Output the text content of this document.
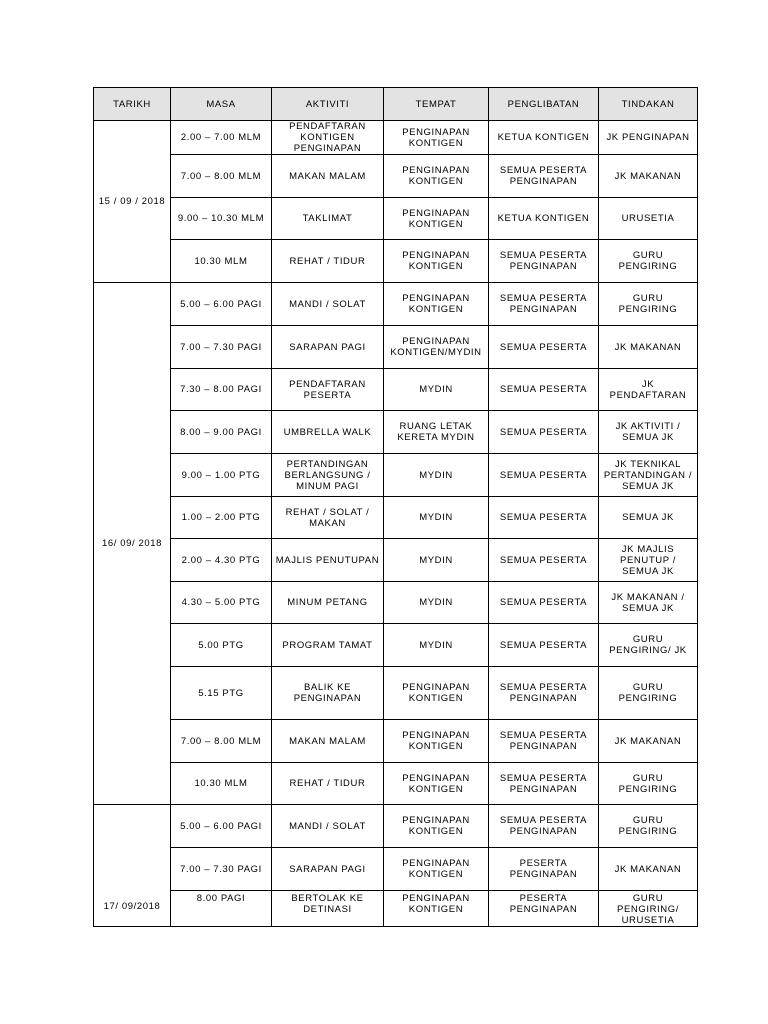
TARIKH	MASA	AKTIVITI	TEMPAT	PENGLIBATAN	TINDAKAN
15 / 09 / 2018	2.00 – 7.00 MLM	PENDAFTARAN KONTIGEN PENGINAPAN	PENGINAPAN KONTIGEN	KETUA KONTIGEN	JK PENGINAPAN
	7.00 – 8.00 MLM	MAKAN MALAM	PENGINAPAN KONTIGEN	SEMUA PESERTA PENGINAPAN	JK MAKANAN
	9.00 – 10.30 MLM	TAKLIMAT	PENGINAPAN KONTIGEN	KETUA KONTIGEN	URUSETIA
	10.30 MLM	REHAT / TIDUR	PENGINAPAN KONTIGEN	SEMUA PESERTA PENGINAPAN	GURU PENGIRING
16/ 09/ 2018	5.00 – 6.00 PAGI	MANDI / SOLAT	PENGINAPAN KONTIGEN	SEMUA PESERTA PENGINAPAN	GURU PENGIRING
	7.00 – 7.30 PAGI	SARAPAN PAGI	PENGINAPAN KONTIGEN/MYDIN	SEMUA PESERTA	JK MAKANAN
	7.30 – 8.00 PAGI	PENDAFTARAN PESERTA	MYDIN	SEMUA PESERTA	JK PENDAFTARAN
	8.00 – 9.00 PAGI	UMBRELLA WALK	RUANG LETAK KERETA MYDIN	SEMUA PESERTA	JK AKTIVITI / SEMUA JK
	9.00 – 1.00 PTG	PERTANDINGAN BERLANGSUNG / MINUM PAGI	MYDIN	SEMUA PESERTA	JK TEKNIKAL PERTANDINGAN / SEMUA JK
	1.00 – 2.00 PTG	REHAT / SOLAT / MAKAN	MYDIN	SEMUA PESERTA	SEMUA JK
	2.00 – 4.30 PTG	MAJLIS PENUTUPAN	MYDIN	SEMUA PESERTA	JK MAJLIS PENUTUP / SEMUA JK
	4.30 – 5.00 PTG	MINUM PETANG	MYDIN	SEMUA PESERTA	JK MAKANAN / SEMUA JK
	5.00 PTG	PROGRAM TAMAT	MYDIN	SEMUA PESERTA	GURU PENGIRING/ JK
	5.15 PTG	BALIK KE PENGINAPAN	PENGINAPAN KONTIGEN	SEMUA PESERTA PENGINAPAN	GURU PENGIRING
	7.00 – 8.00 MLM	MAKAN MALAM	PENGINAPAN KONTIGEN	SEMUA PESERTA PENGINAPAN	JK MAKANAN
	10.30 MLM	REHAT / TIDUR	PENGINAPAN KONTIGEN	SEMUA PESERTA PENGINAPAN	GURU PENGIRING
17/ 09/2018	5.00 – 6.00 PAGI	MANDI / SOLAT	PENGINAPAN KONTIGEN	SEMUA PESERTA PENGINAPAN	GURU PENGIRING
	7.00 – 7.30 PAGI	SARAPAN PAGI	PENGINAPAN KONTIGEN	PESERTA PENGINAPAN	JK MAKANAN
	8.00 PAGI	BERTOLAK KE DETINASI	PENGINAPAN KONTIGEN	PESERTA PENGINAPAN	GURU PENGIRING/ URUSETIA
